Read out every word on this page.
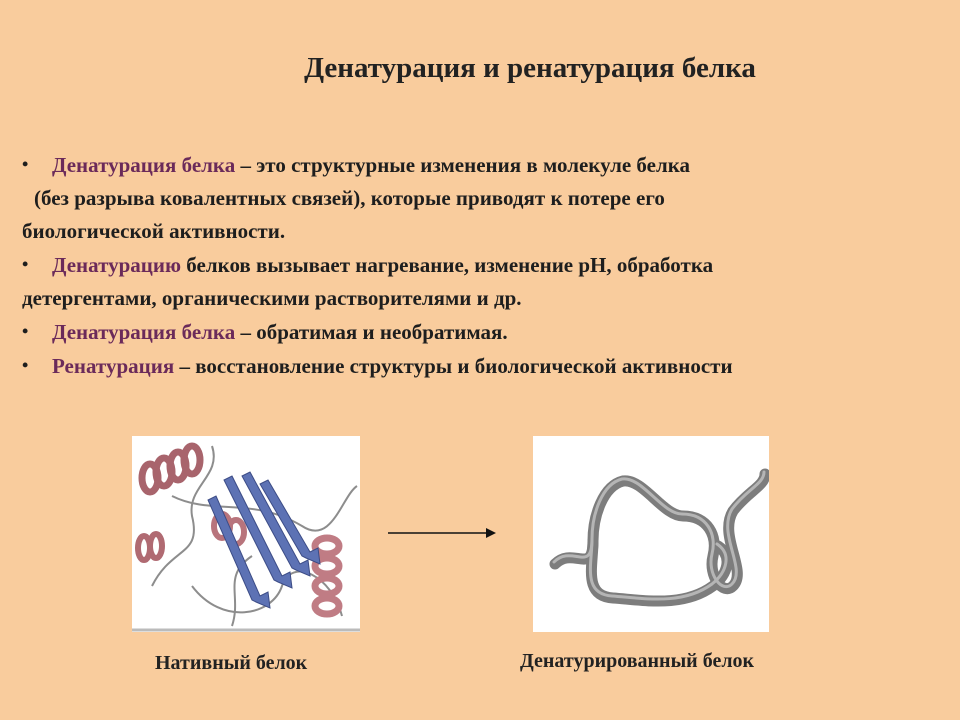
Денатурация и ренатурация белка
• Денатурация белка – это структурные изменения в молекуле белка
(без разрыва ковалентных связей), которые приводят к потере его
биологической активности.
• Денатурацию белков вызывает нагревание, изменение рН, обработка
детергентами, органическими растворителями и др.
• Денатурация белка – обратимая и необратимая.
• Ренатурация – восстановление структуры и биологической активности
Нативный белок	Денатурированный белок
